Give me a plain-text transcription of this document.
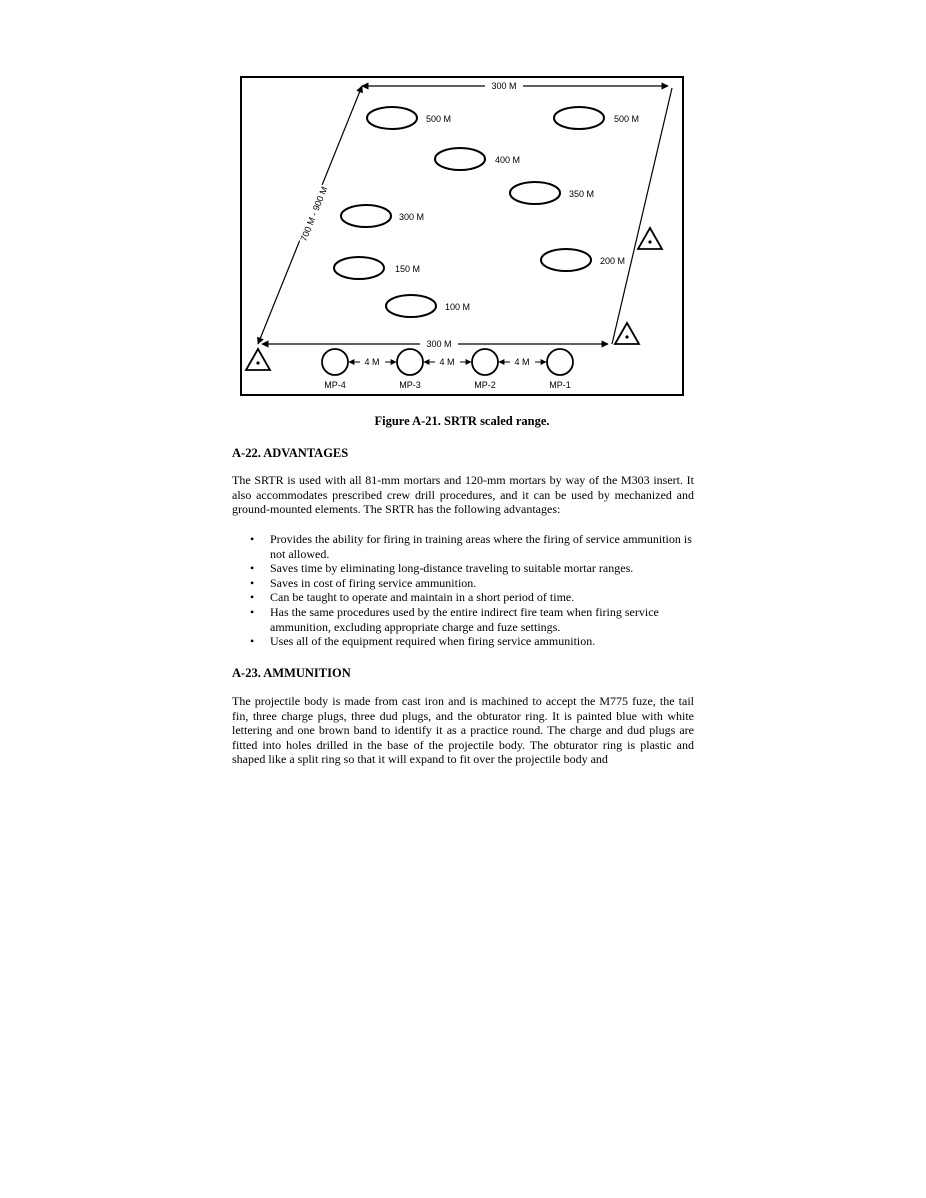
300 M
700 M - 900 M
300 M
500 M	500 M
400 M
350 M
300 M
200 M
150 M
100 M
4 M	4 M	4 M
MP-4	MP-3	MP-2	MP-1
Figure A-21. SRTR scaled range.
A-22. ADVANTAGES
The SRTR is used with all 81-mm mortars and 120-mm mortars by way of the M303 insert. It also accommodates prescribed crew drill procedures, and it can be used by mechanized and ground-mounted elements. The SRTR has the following advantages:
• Provides the ability for firing in training areas where the firing of service ammunition is not allowed.
• Saves time by eliminating long-distance traveling to suitable mortar ranges.
• Saves in cost of firing service ammunition.
• Can be taught to operate and maintain in a short period of time.
• Has the same procedures used by the entire indirect fire team when firing service ammunition, excluding appropriate charge and fuze settings.
• Uses all of the equipment required when firing service ammunition.
A-23. AMMUNITION
The projectile body is made from cast iron and is machined to accept the M775 fuze, the tail fin, three charge plugs, three dud plugs, and the obturator ring. It is painted blue with white lettering and one brown band to identify it as a practice round. The charge and dud plugs are fitted into holes drilled in the base of the projectile body. The obturator ring is plastic and shaped like a split ring so that it will expand to fit over the projectile body and
